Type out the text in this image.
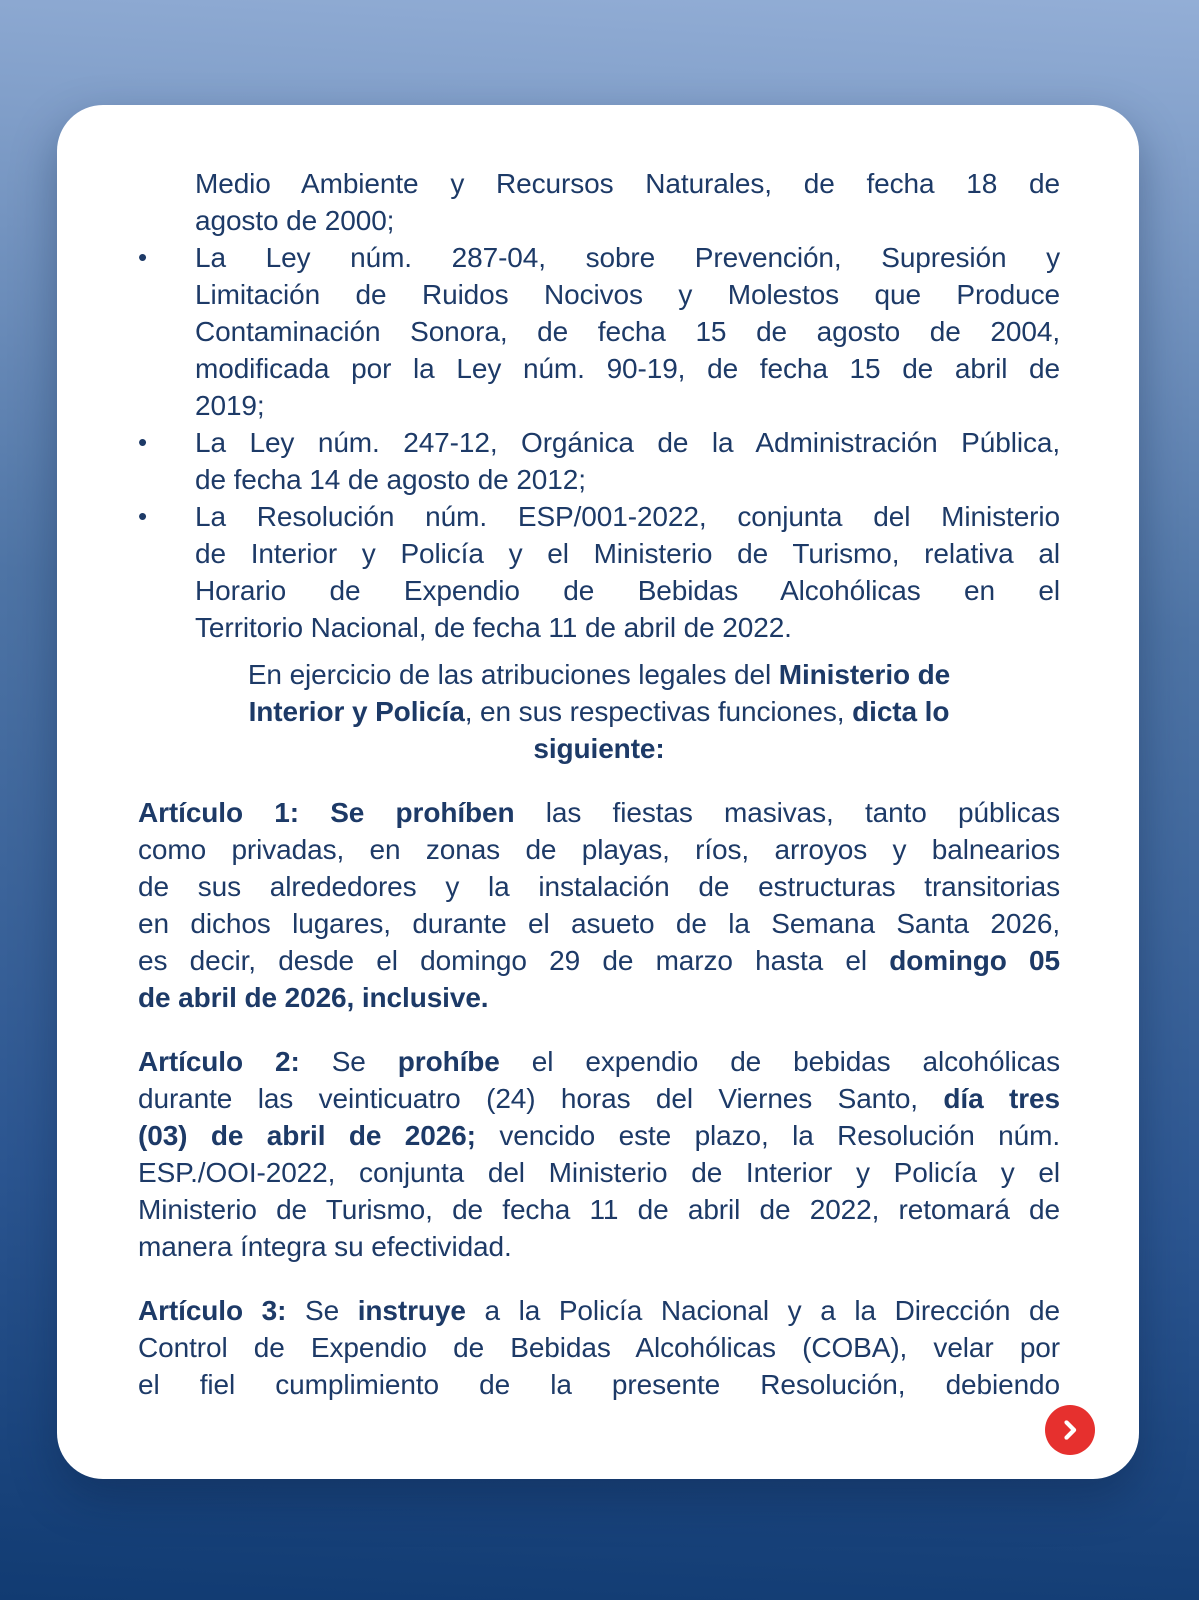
Medio Ambiente y Recursos Naturales, de fecha 18 de
agosto de 2000;
•	La Ley núm. 287-04, sobre Prevención, Supresión y
Limitación de Ruidos Nocivos y Molestos que Produce
Contaminación Sonora, de fecha 15 de agosto de 2004,
modificada por la Ley núm. 90-19, de fecha 15 de abril de
2019;
•	La Ley núm. 247-12, Orgánica de la Administración Pública,
de fecha 14 de agosto de 2012;
•	La Resolución núm. ESP/001-2022, conjunta del Ministerio
de Interior y Policía y el Ministerio de Turismo, relativa al
Horario de Expendio de Bebidas Alcohólicas en el
Territorio Nacional, de fecha 11 de abril de 2022.
En ejercicio de las atribuciones legales del Ministerio de
Interior y Policía, en sus respectivas funciones, dicta lo
siguiente:
Artículo 1: Se prohíben las fiestas masivas, tanto públicas
como privadas, en zonas de playas, ríos, arroyos y balnearios
de sus alrededores y la instalación de estructuras transitorias
en dichos lugares, durante el asueto de la Semana Santa 2026,
es decir, desde el domingo 29 de marzo hasta el domingo 05
de abril de 2026, inclusive.
Artículo 2: Se prohíbe el expendio de bebidas alcohólicas
durante las veinticuatro (24) horas del Viernes Santo, día tres
(03) de abril de 2026; vencido este plazo, la Resolución núm.
ESP./OOI-2022, conjunta del Ministerio de Interior y Policía y el
Ministerio de Turismo, de fecha 11 de abril de 2022, retomará de
manera íntegra su efectividad.
Artículo 3: Se instruye a la Policía Nacional y a la Dirección de
Control de Expendio de Bebidas Alcohólicas (COBA), velar por
el fiel cumplimiento de la presente Resolución, debiendo
